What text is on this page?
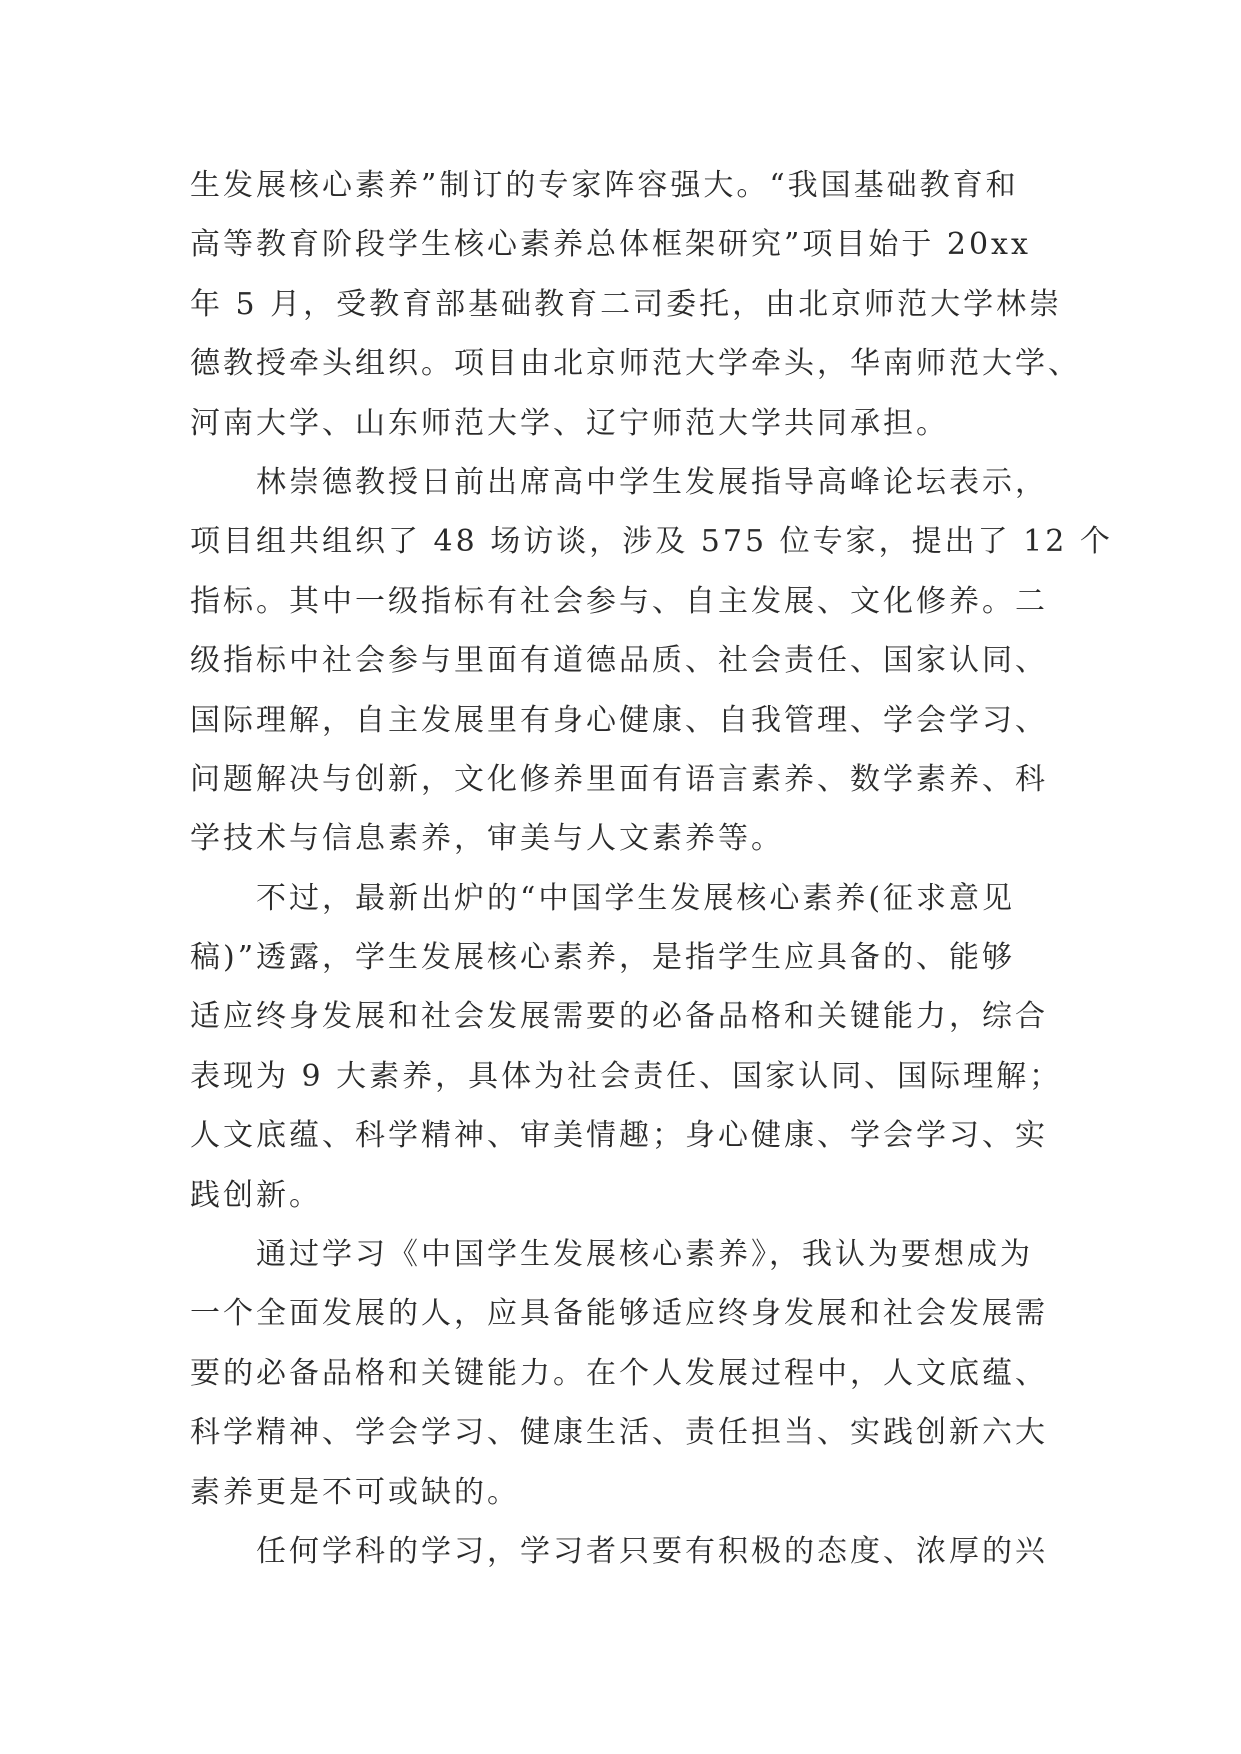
生发展核心素养”制订的专家阵容强大。“我国基础教育和
高等教育阶段学生核心素养总体框架研究”项目始于 20xx
年 5 月，受教育部基础教育二司委托，由北京师范大学林崇
德教授牵头组织。项目由北京师范大学牵头，华南师范大学、
河南大学、山东师范大学、辽宁师范大学共同承担。
林崇德教授日前出席高中学生发展指导高峰论坛表示，
项目组共组织了 48 场访谈，涉及 575 位专家，提出了 12 个
指标。其中一级指标有社会参与、自主发展、文化修养。二
级指标中社会参与里面有道德品质、社会责任、国家认同、
国际理解，自主发展里有身心健康、自我管理、学会学习、
问题解决与创新，文化修养里面有语言素养、数学素养、科
学技术与信息素养，审美与人文素养等。
不过，最新出炉的“中国学生发展核心素养(征求意见
稿)”透露，学生发展核心素养，是指学生应具备的、能够
适应终身发展和社会发展需要的必备品格和关键能力，综合
表现为 9 大素养，具体为社会责任、国家认同、国际理解；
人文底蕴、科学精神、审美情趣；身心健康、学会学习、实
践创新。
通过学习《中国学生发展核心素养》，我认为要想成为
一个全面发展的人，应具备能够适应终身发展和社会发展需
要的必备品格和关键能力。在个人发展过程中，人文底蕴、
科学精神、学会学习、健康生活、责任担当、实践创新六大
素养更是不可或缺的。
任何学科的学习，学习者只要有积极的态度、浓厚的兴
